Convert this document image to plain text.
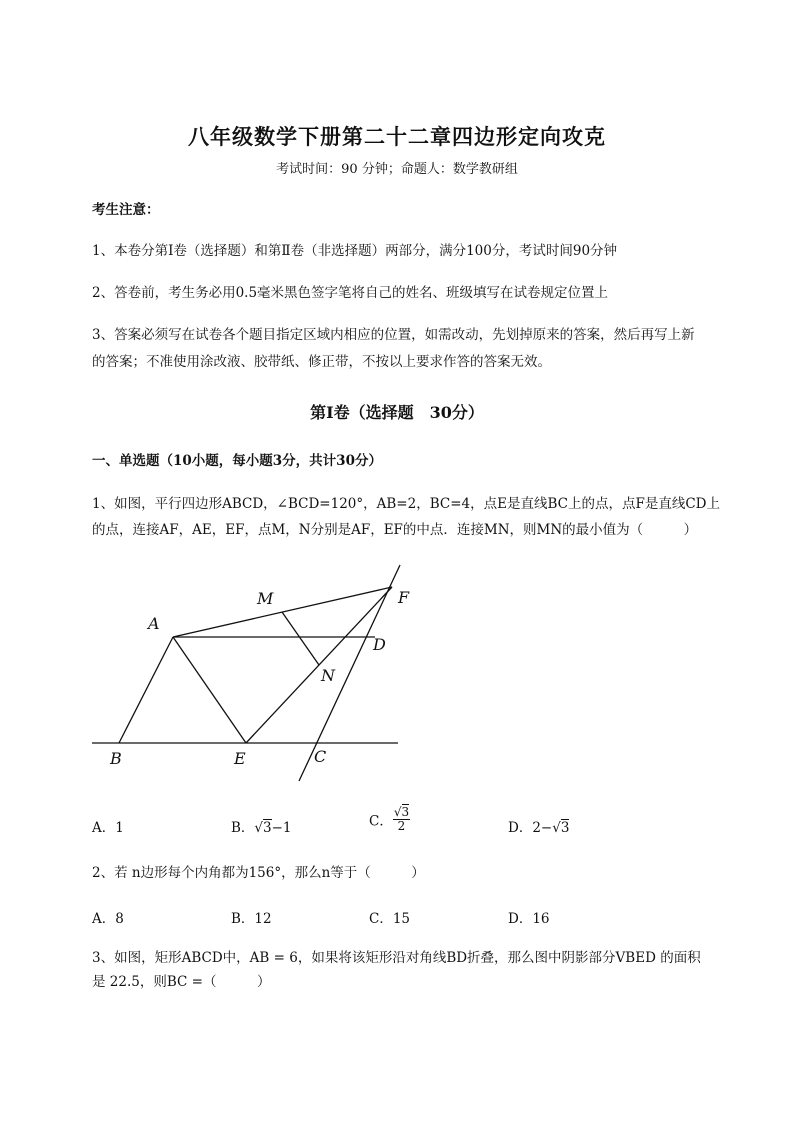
八年级数学下册第二十二章四边形定向攻克
考试时间：90 分钟；命题人：数学教研组
考生注意：
1、本卷分第Ⅰ卷（选择题）和第Ⅱ卷（非选择题）两部分，满分100分，考试时间90分钟
2、答卷前，考生务必用0.5毫米黑色签字笔将自己的姓名、班级填写在试卷规定位置上
3、答案必须写在试卷各个题目指定区域内相应的位置，如需改动，先划掉原来的答案，然后再写上新
的答案；不准使用涂改液、胶带纸、修正带，不按以上要求作答的答案无效。
第Ⅰ卷（选择题　30分）
一、单选题（10小题，每小题3分，共计30分）
1、如图，平行四边形ABCD，∠BCD=120°，AB=2，BC=4，点E是直线BC上的点，点F是直线CD上
的点，连接AF，AE，EF，点M，N分别是AF，EF的中点．连接MN，则MN的最小值为（　　　）
A
B	C
D
E
F
M
N
A．1	B．√3−1	C． $\frac{√3}{2}$	D．2−√3
2、若 n边形每个内角都为156°，那么n等于（　　　）
A．8	B．12	C．15	D．16
3、如图，矩形ABCD中，AB = 6，如果将该矩形沿对角线BD折叠，那么图中阴影部分VBED 的面积
是 22.5，则BC =（　　　）
